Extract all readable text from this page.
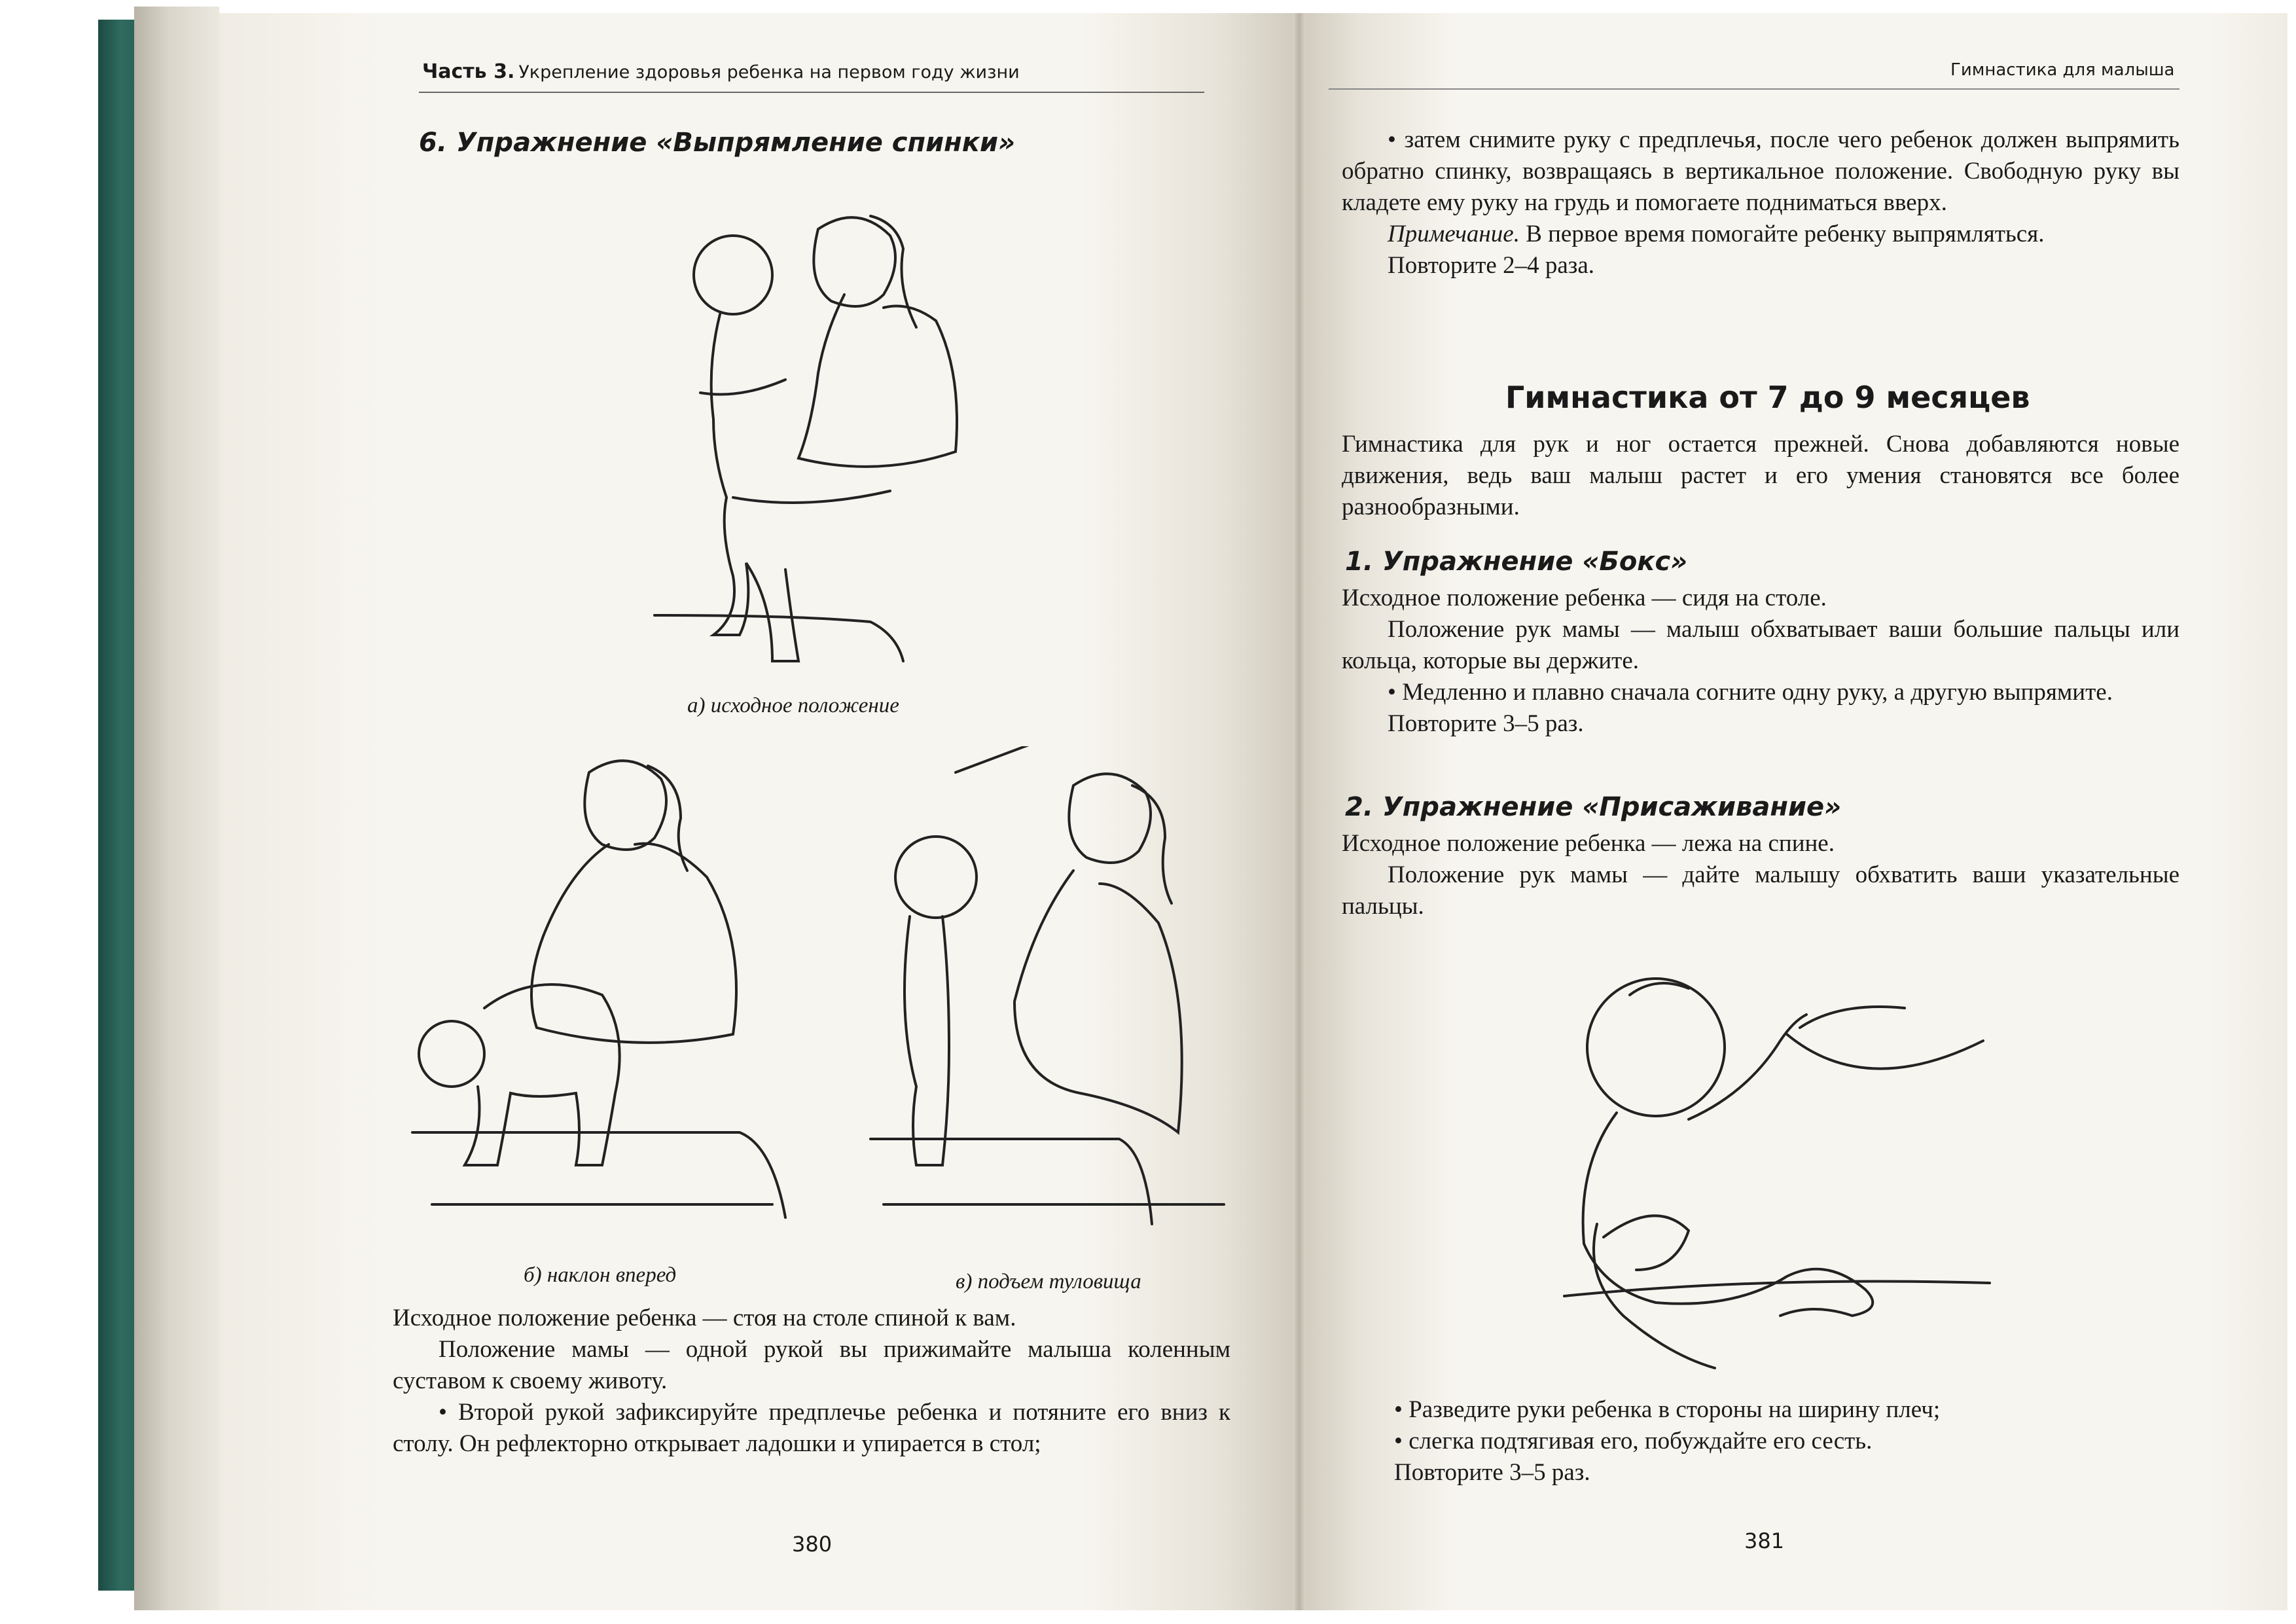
Часть 3. Укрепление здоровья ребенка на первом году жизни
6. Упражнение «Выпрямление спинки»
а) исходное положение
б) наклон вперед	в) подъем туловища

Исходное положение ребенка — стоя на столе спиной к вам.

Положение мамы — одной рукой вы прижимайте малыша коленным суставом к своему животу.

• Второй рукой зафиксируйте предплечье ребенка и потяните его вниз к столу. Он рефлекторно открывает ладошки и упирается в стол;

380
Гимнастика для малыша

• затем снимите руку с предплечья, после чего ребенок должен выпрямить обратно спинку, возвращаясь в вертикальное положение. Свободную руку вы кладете ему руку на грудь и помогаете подниматься вверх.

Примечание. В первое время помогайте ребенку выпрямляться.

Повторите 2–4 раза.

Гимнастика от 7 до 9 месяцев
Гимнастика для рук и ног остается прежней. Снова добавляются новые движения, ведь ваш малыш растет и его умения становятся все более разнообразными.
1. Упражнение «Бокс»

Исходное положение ребенка — сидя на столе.

Положение рук мамы — малыш обхватывает ваши большие пальцы или кольца, которые вы держите.

• Медленно и плавно сначала согните одну руку, а другую выпрямите.

Повторите 3–5 раз.

2. Упражнение «Присаживание»

Исходное положение ребенка — лежа на спине.

Положение рук мамы — дайте малышу обхватить ваши указательные пальцы.

• Разведите руки ребенка в стороны на ширину плеч;

• слегка подтягивая его, побуждайте его сесть.

Повторите 3–5 раз.

381
